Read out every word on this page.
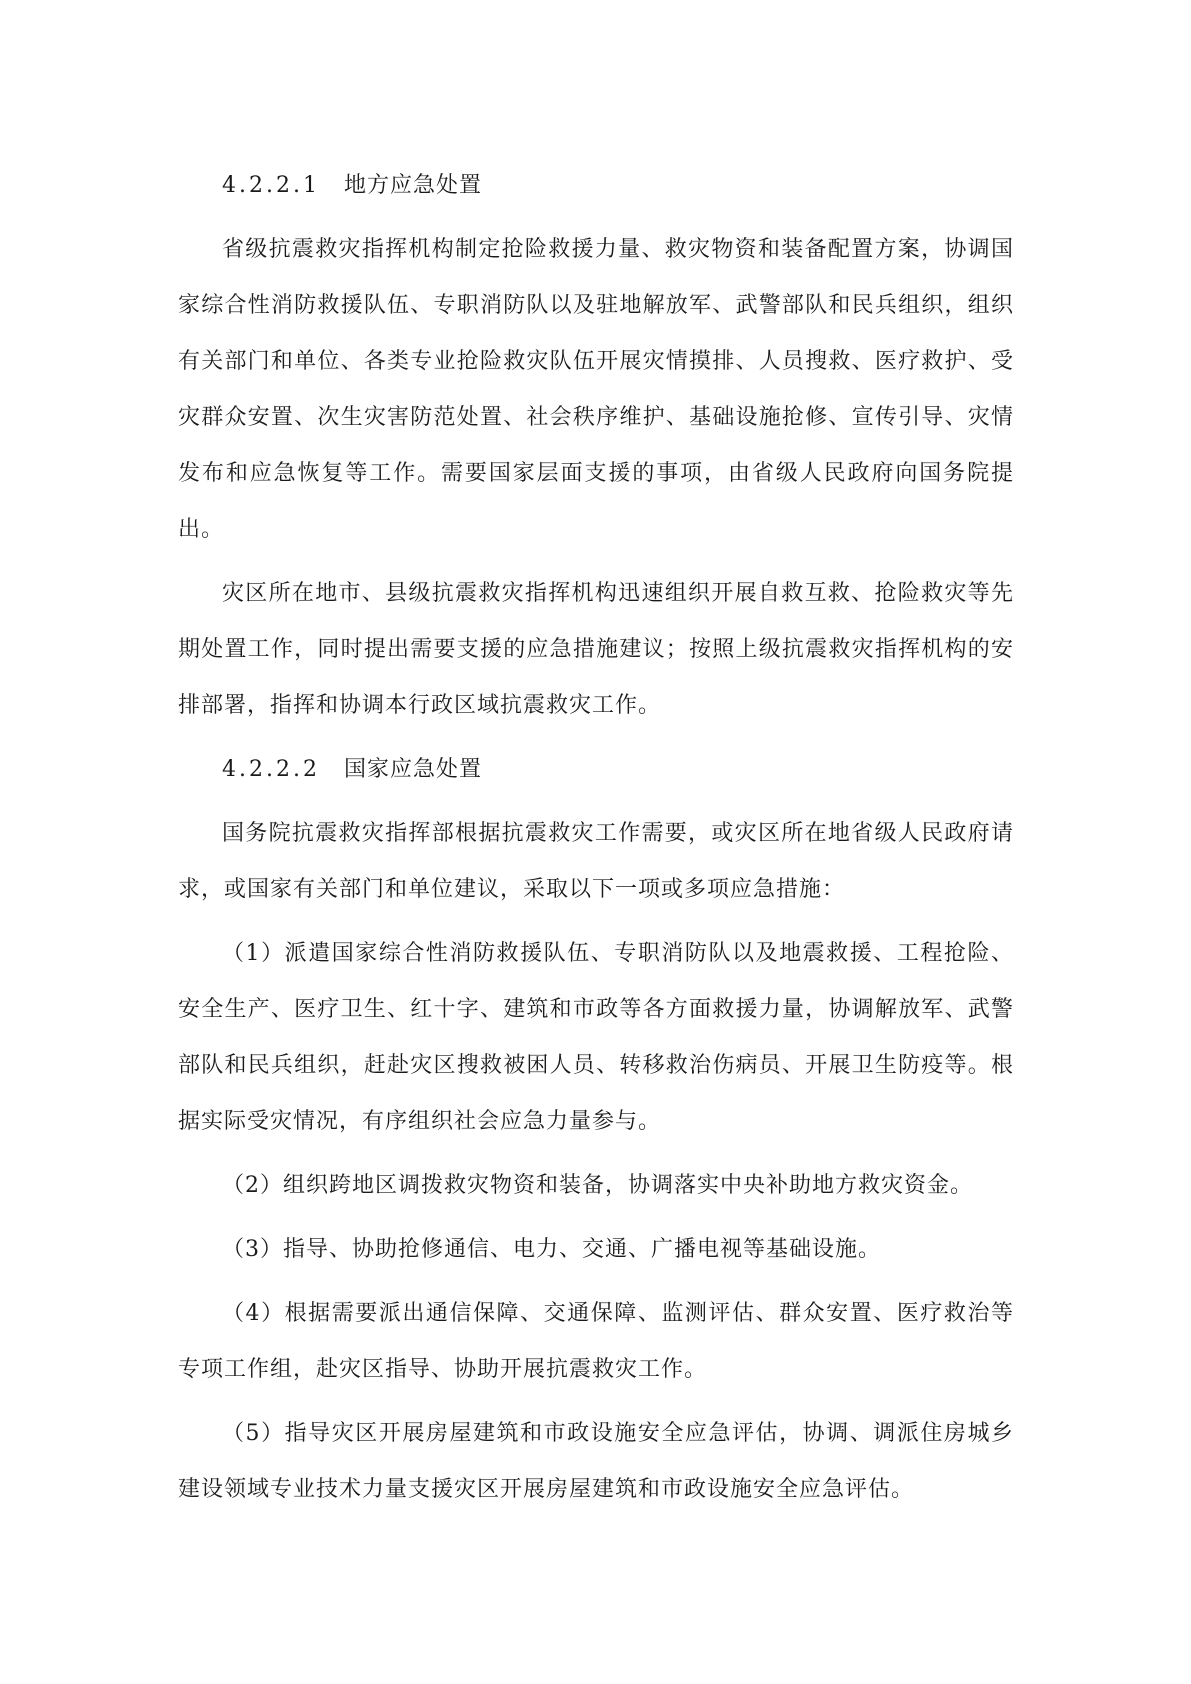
4.2.2.1 地方应急处置

省级抗震救灾指挥机构制定抢险救援力量、救灾物资和装备配置方案，协调国家综合性消防救援队伍、专职消防队以及驻地解放军、武警部队和民兵组织，组织有关部门和单位、各类专业抢险救灾队伍开展灾情摸排、人员搜救、医疗救护、受灾群众安置、次生灾害防范处置、社会秩序维护、基础设施抢修、宣传引导、灾情发布和应急恢复等工作。需要国家层面支援的事项，由省级人民政府向国务院提出。

灾区所在地市、县级抗震救灾指挥机构迅速组织开展自救互救、抢险救灾等先期处置工作，同时提出需要支援的应急措施建议；按照上级抗震救灾指挥机构的安排部署，指挥和协调本行政区域抗震救灾工作。

4.2.2.2 国家应急处置

国务院抗震救灾指挥部根据抗震救灾工作需要，或灾区所在地省级人民政府请求，或国家有关部门和单位建议，采取以下一项或多项应急措施：

（1）派遣国家综合性消防救援队伍、专职消防队以及地震救援、工程抢险、安全生产、医疗卫生、红十字、建筑和市政等各方面救援力量，协调解放军、武警部队和民兵组织，赶赴灾区搜救被困人员、转移救治伤病员、开展卫生防疫等。根据实际受灾情况，有序组织社会应急力量参与。

（2）组织跨地区调拨救灾物资和装备，协调落实中央补助地方救灾资金。

（3）指导、协助抢修通信、电力、交通、广播电视等基础设施。

（4）根据需要派出通信保障、交通保障、监测评估、群众安置、医疗救治等专项工作组，赴灾区指导、协助开展抗震救灾工作。

（5）指导灾区开展房屋建筑和市政设施安全应急评估，协调、调派住房城乡建设领域专业技术力量支援灾区开展房屋建筑和市政设施安全应急评估。
